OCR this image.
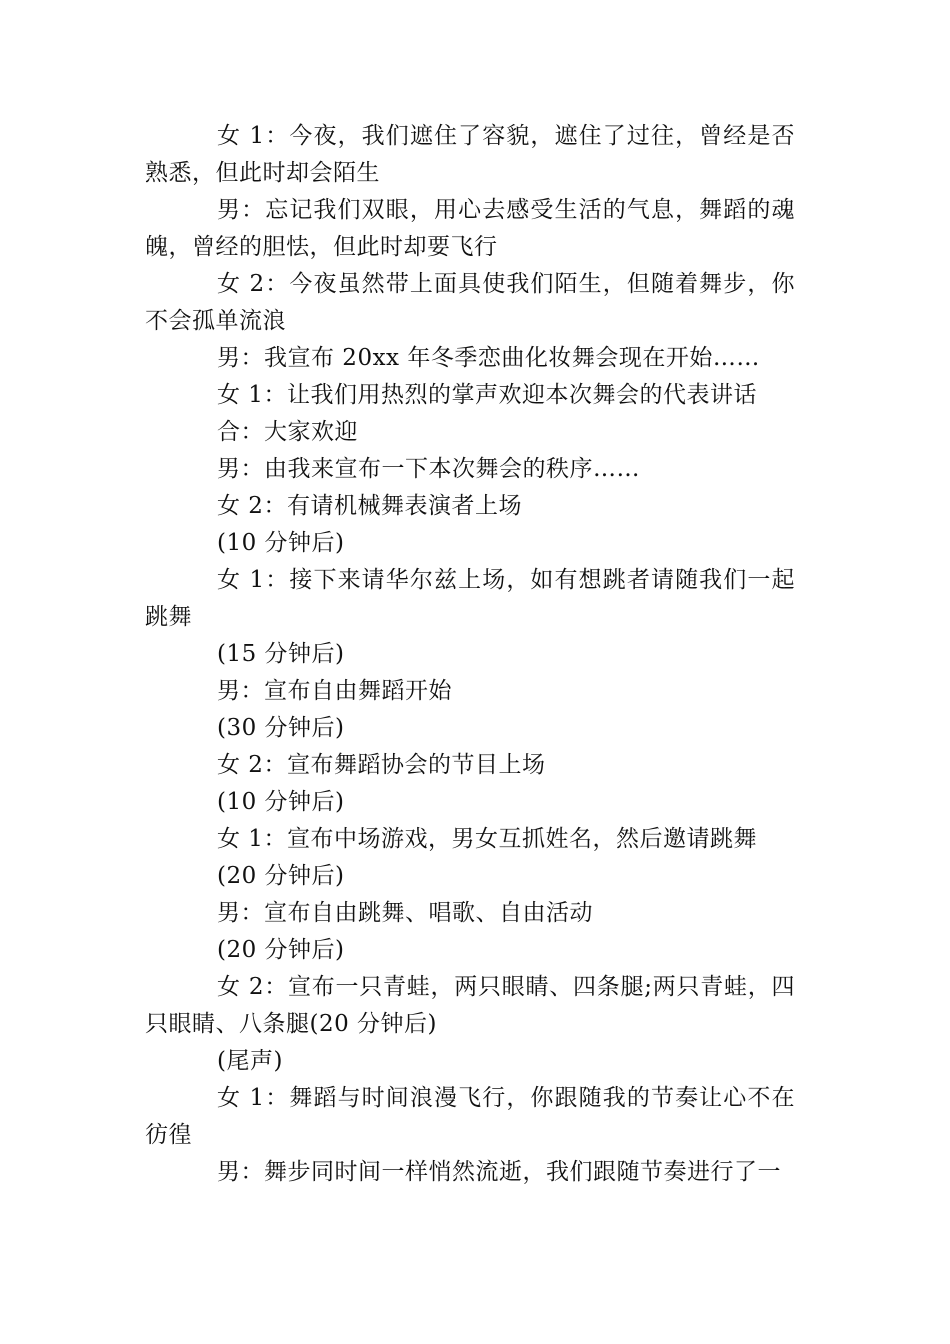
女 1：今夜，我们遮住了容貌，遮住了过往，曾经是否熟悉，但此时却会陌生

男：忘记我们双眼，用心去感受生活的气息，舞蹈的魂魄，曾经的胆怯，但此时却要飞行

女 2：今夜虽然带上面具使我们陌生，但随着舞步，你不会孤单流浪

男：我宣布 20xx 年冬季恋曲化妆舞会现在开始……

女 1：让我们用热烈的掌声欢迎本次舞会的代表讲话

合：大家欢迎

男：由我来宣布一下本次舞会的秩序……

女 2：有请机械舞表演者上场

(10 分钟后)

女 1：接下来请华尔兹上场，如有想跳者请随我们一起跳舞

(15 分钟后)

男：宣布自由舞蹈开始

(30 分钟后)

女 2：宣布舞蹈协会的节目上场

(10 分钟后)

女 1：宣布中场游戏，男女互抓姓名，然后邀请跳舞

(20 分钟后)

男：宣布自由跳舞、唱歌、自由活动

(20 分钟后)

女 2：宣布一只青蛙，两只眼睛、四条腿;两只青蛙，四只眼睛、八条腿(20 分钟后)

(尾声)

女 1：舞蹈与时间浪漫飞行，你跟随我的节奏让心不在彷徨

男：舞步同时间一样悄然流逝，我们跟随节奏进行了一
